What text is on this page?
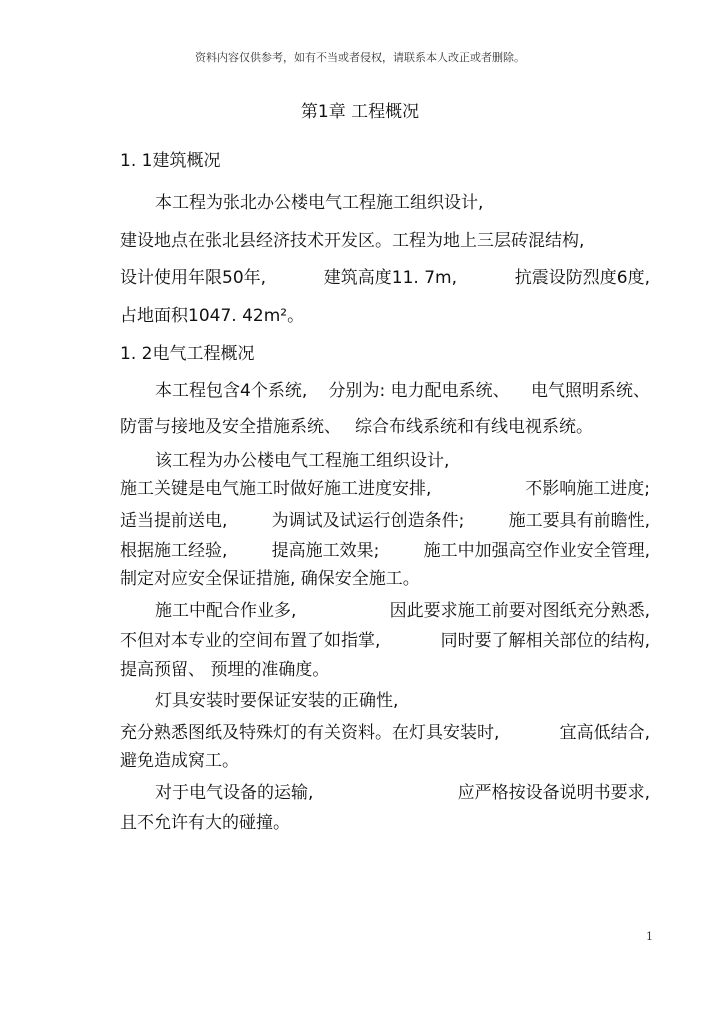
资料内容仅供参考，如有不当或者侵权，请联系本人改正或者删除。
第1章 工程概况
1. 1建筑概况
本工程为张北办公楼电气工程施工组织设计,
建设地点在张北县经济技术开发区。工程为地上三层砖混结构,
设计使用年限50年,	建筑高度11. 7m,	抗震设防烈度6度,
占地面积1047. 42m²。
1. 2电气工程概况
本工程包含4个系统, 分别为: 电力配电系统、 电气照明系统、
防雷与接地及安全措施系统、 综合布线系统和有线电视系统。
该工程为办公楼电气工程施工组织设计,
施工关键是电气施工时做好施工进度安排,	不影响施工进度;
适当提前送电,	为调试及试运行创造条件;	施工要具有前瞻性,
根据施工经验,	提高施工效果;	施工中加强高空作业安全管理,
制定对应安全保证措施, 确保安全施工。
施工中配合作业多,	因此要求施工前要对图纸充分熟悉,
不但对本专业的空间布置了如指掌,	同时要了解相关部位的结构,
提高预留、 预埋的准确度。
灯具安装时要保证安装的正确性,
充分熟悉图纸及特殊灯的有关资料。在灯具安装时,	宜高低结合,
避免造成窝工。
对于电气设备的运输,	应严格按设备说明书要求,
且不允许有大的碰撞。
1
